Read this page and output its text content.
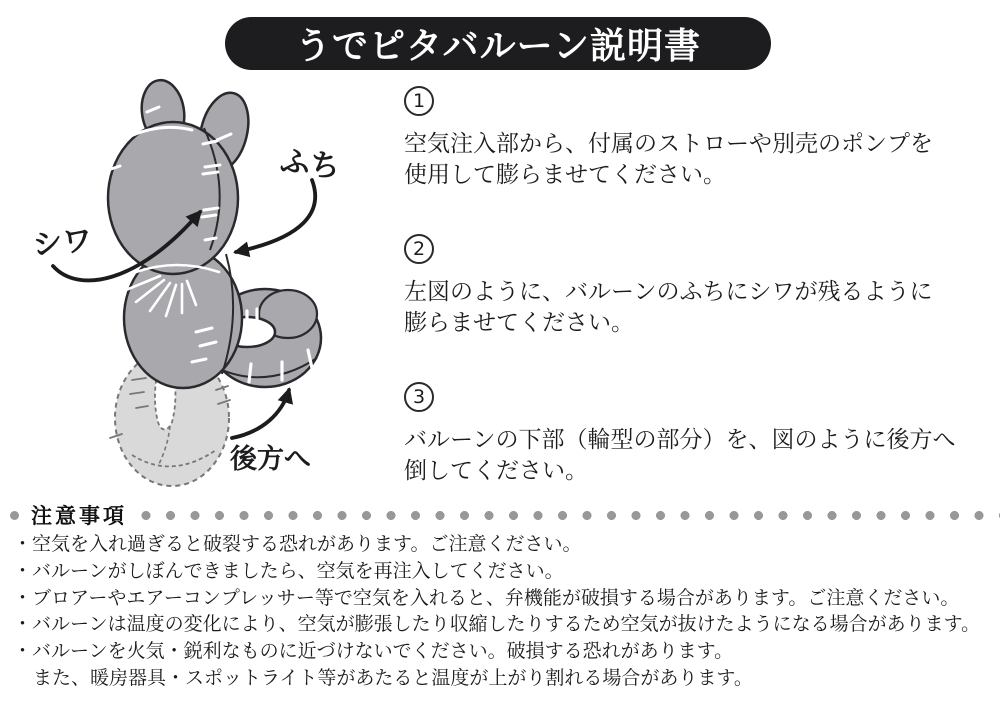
うでピタバルーン説明書
シワ
ふち
後方へ
1
空気注入部から、付属のストローや別売のポンプを
使用して膨らませてください。
2
左図のように、バルーンのふちにシワが残るように
膨らませてください。
3
バルーンの下部（輪型の部分）を、図のように後方へ
倒してください。
注意事項
・空気を入れ過ぎると破裂する恐れがあります。ご注意ください。
・バルーンがしぼんできましたら、空気を再注入してください。
・ブロアーやエアーコンプレッサー等で空気を入れると、弁機能が破損する場合があります。ご注意ください。
・バルーンは温度の変化により、空気が膨張したり収縮したりするため空気が抜けたようになる場合があります。
・バルーンを火気・鋭利なものに近づけないでください。破損する恐れがあります。
また、暖房器具・スポットライト等があたると温度が上がり割れる場合があります。
